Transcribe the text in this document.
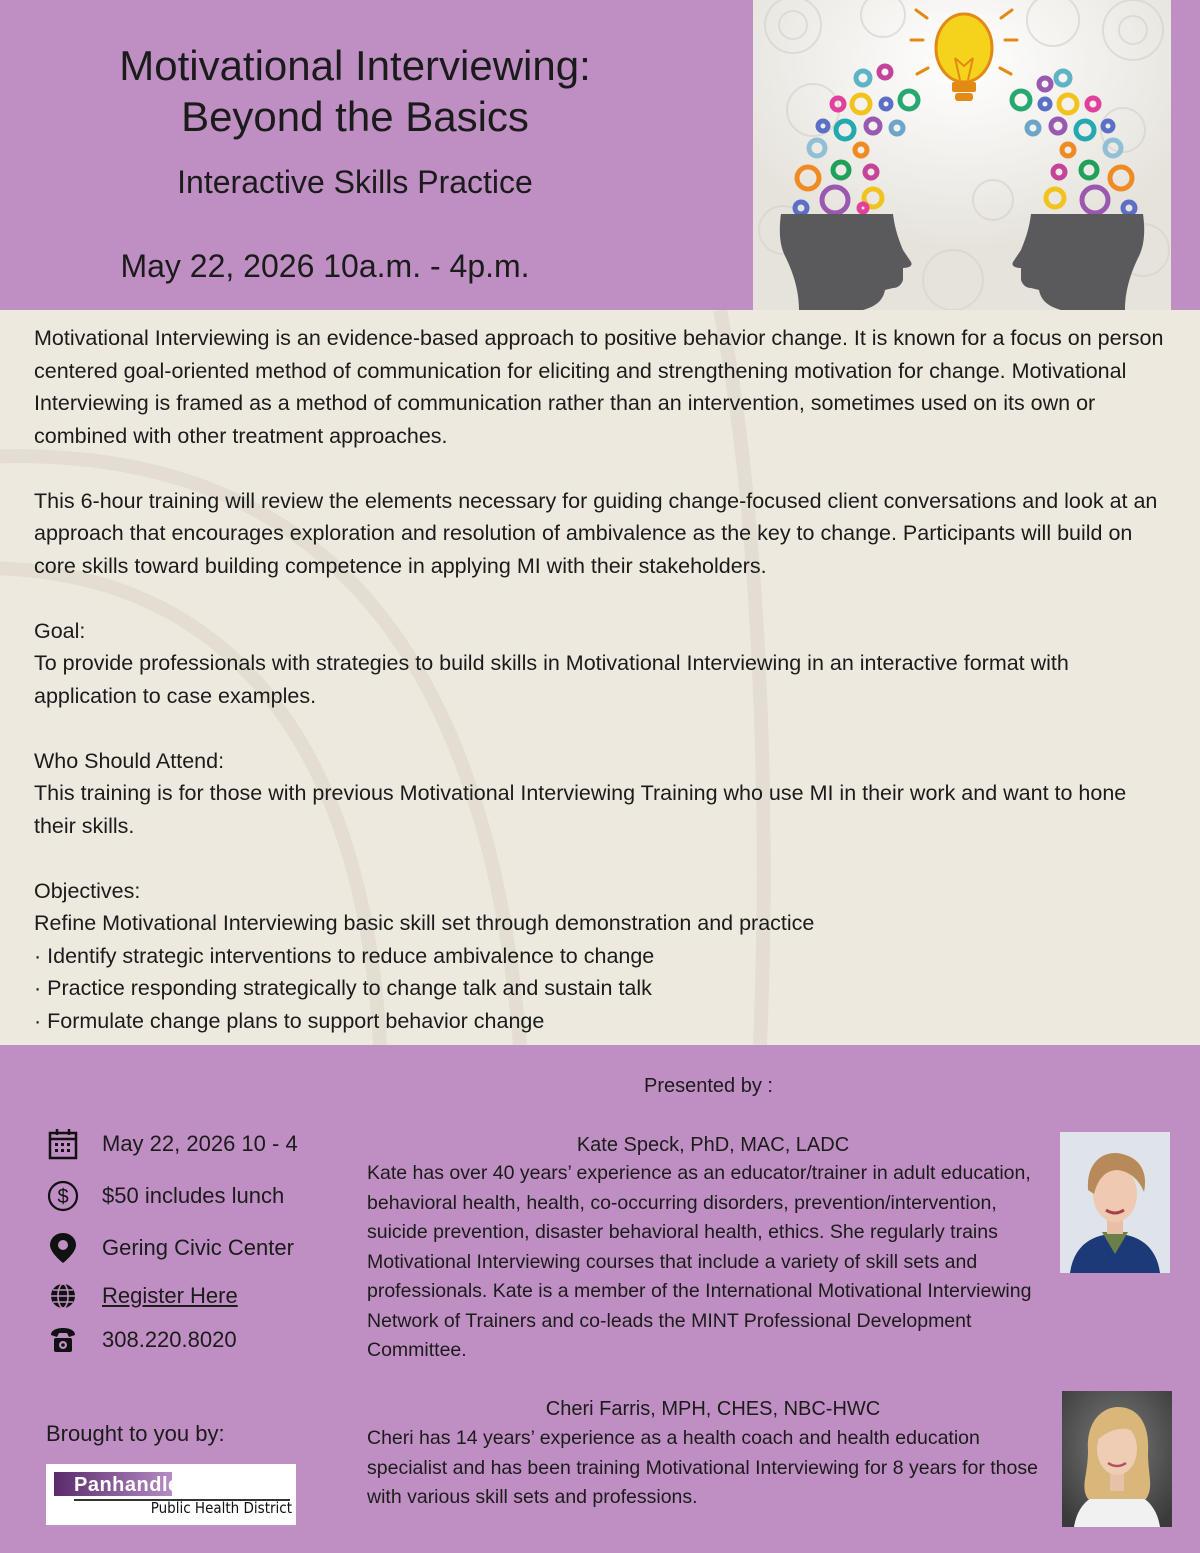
Motivational Interviewing:
Beyond the Basics
Interactive Skills Practice
May 22, 2026 10a.m. - 4p.m.

Motivational Interviewing is an evidence-based approach to positive behavior change. It is known for a focus on person centered goal-oriented method of communication for eliciting and strengthening motivation for change. Motivational Interviewing is framed as a method of communication rather than an intervention, sometimes used on its own or combined with other treatment approaches.

This 6-hour training will review the elements necessary for guiding change-focused client conversations and look at an approach that encourages exploration and resolution of ambivalence as the key to change. Participants will build on core skills toward building competence in applying MI with their stakeholders.

Goal:

To provide professionals with strategies to build skills in Motivational Interviewing in an interactive format with application to case examples.

Who Should Attend:

This training is for those with previous Motivational Interviewing Training who use MI in their work and want to hone their skills.

Objectives:

Refine Motivational Interviewing basic skill set through demonstration and practice

· Identify strategic interventions to reduce ambivalence to change

· Practice responding strategically to change talk and sustain talk

· Formulate change plans to support behavior change

Presented by :
May 22, 2026 10 - 4
$ $50 includes lunch
Gering Civic Center
Register Here
308.220.8020
Brought to you by:
Panhandle
Public Health District
Kate Speck, PhD, MAC, LADC
Kate has over 40 years’ experience as an educator/trainer in adult education, behavioral health, health, co-occurring disorders, prevention/intervention, suicide prevention, disaster behavioral health, ethics. She regularly trains Motivational Interviewing courses that include a variety of skill sets and professionals. Kate is a member of the International Motivational Interviewing Network of Trainers and co-leads the MINT Professional Development Committee.
Cheri Farris, MPH, CHES, NBC-HWC
Cheri has 14 years’ experience as a health coach and health education specialist and has been training Motivational Interviewing for 8 years for those with various skill sets and professions.
